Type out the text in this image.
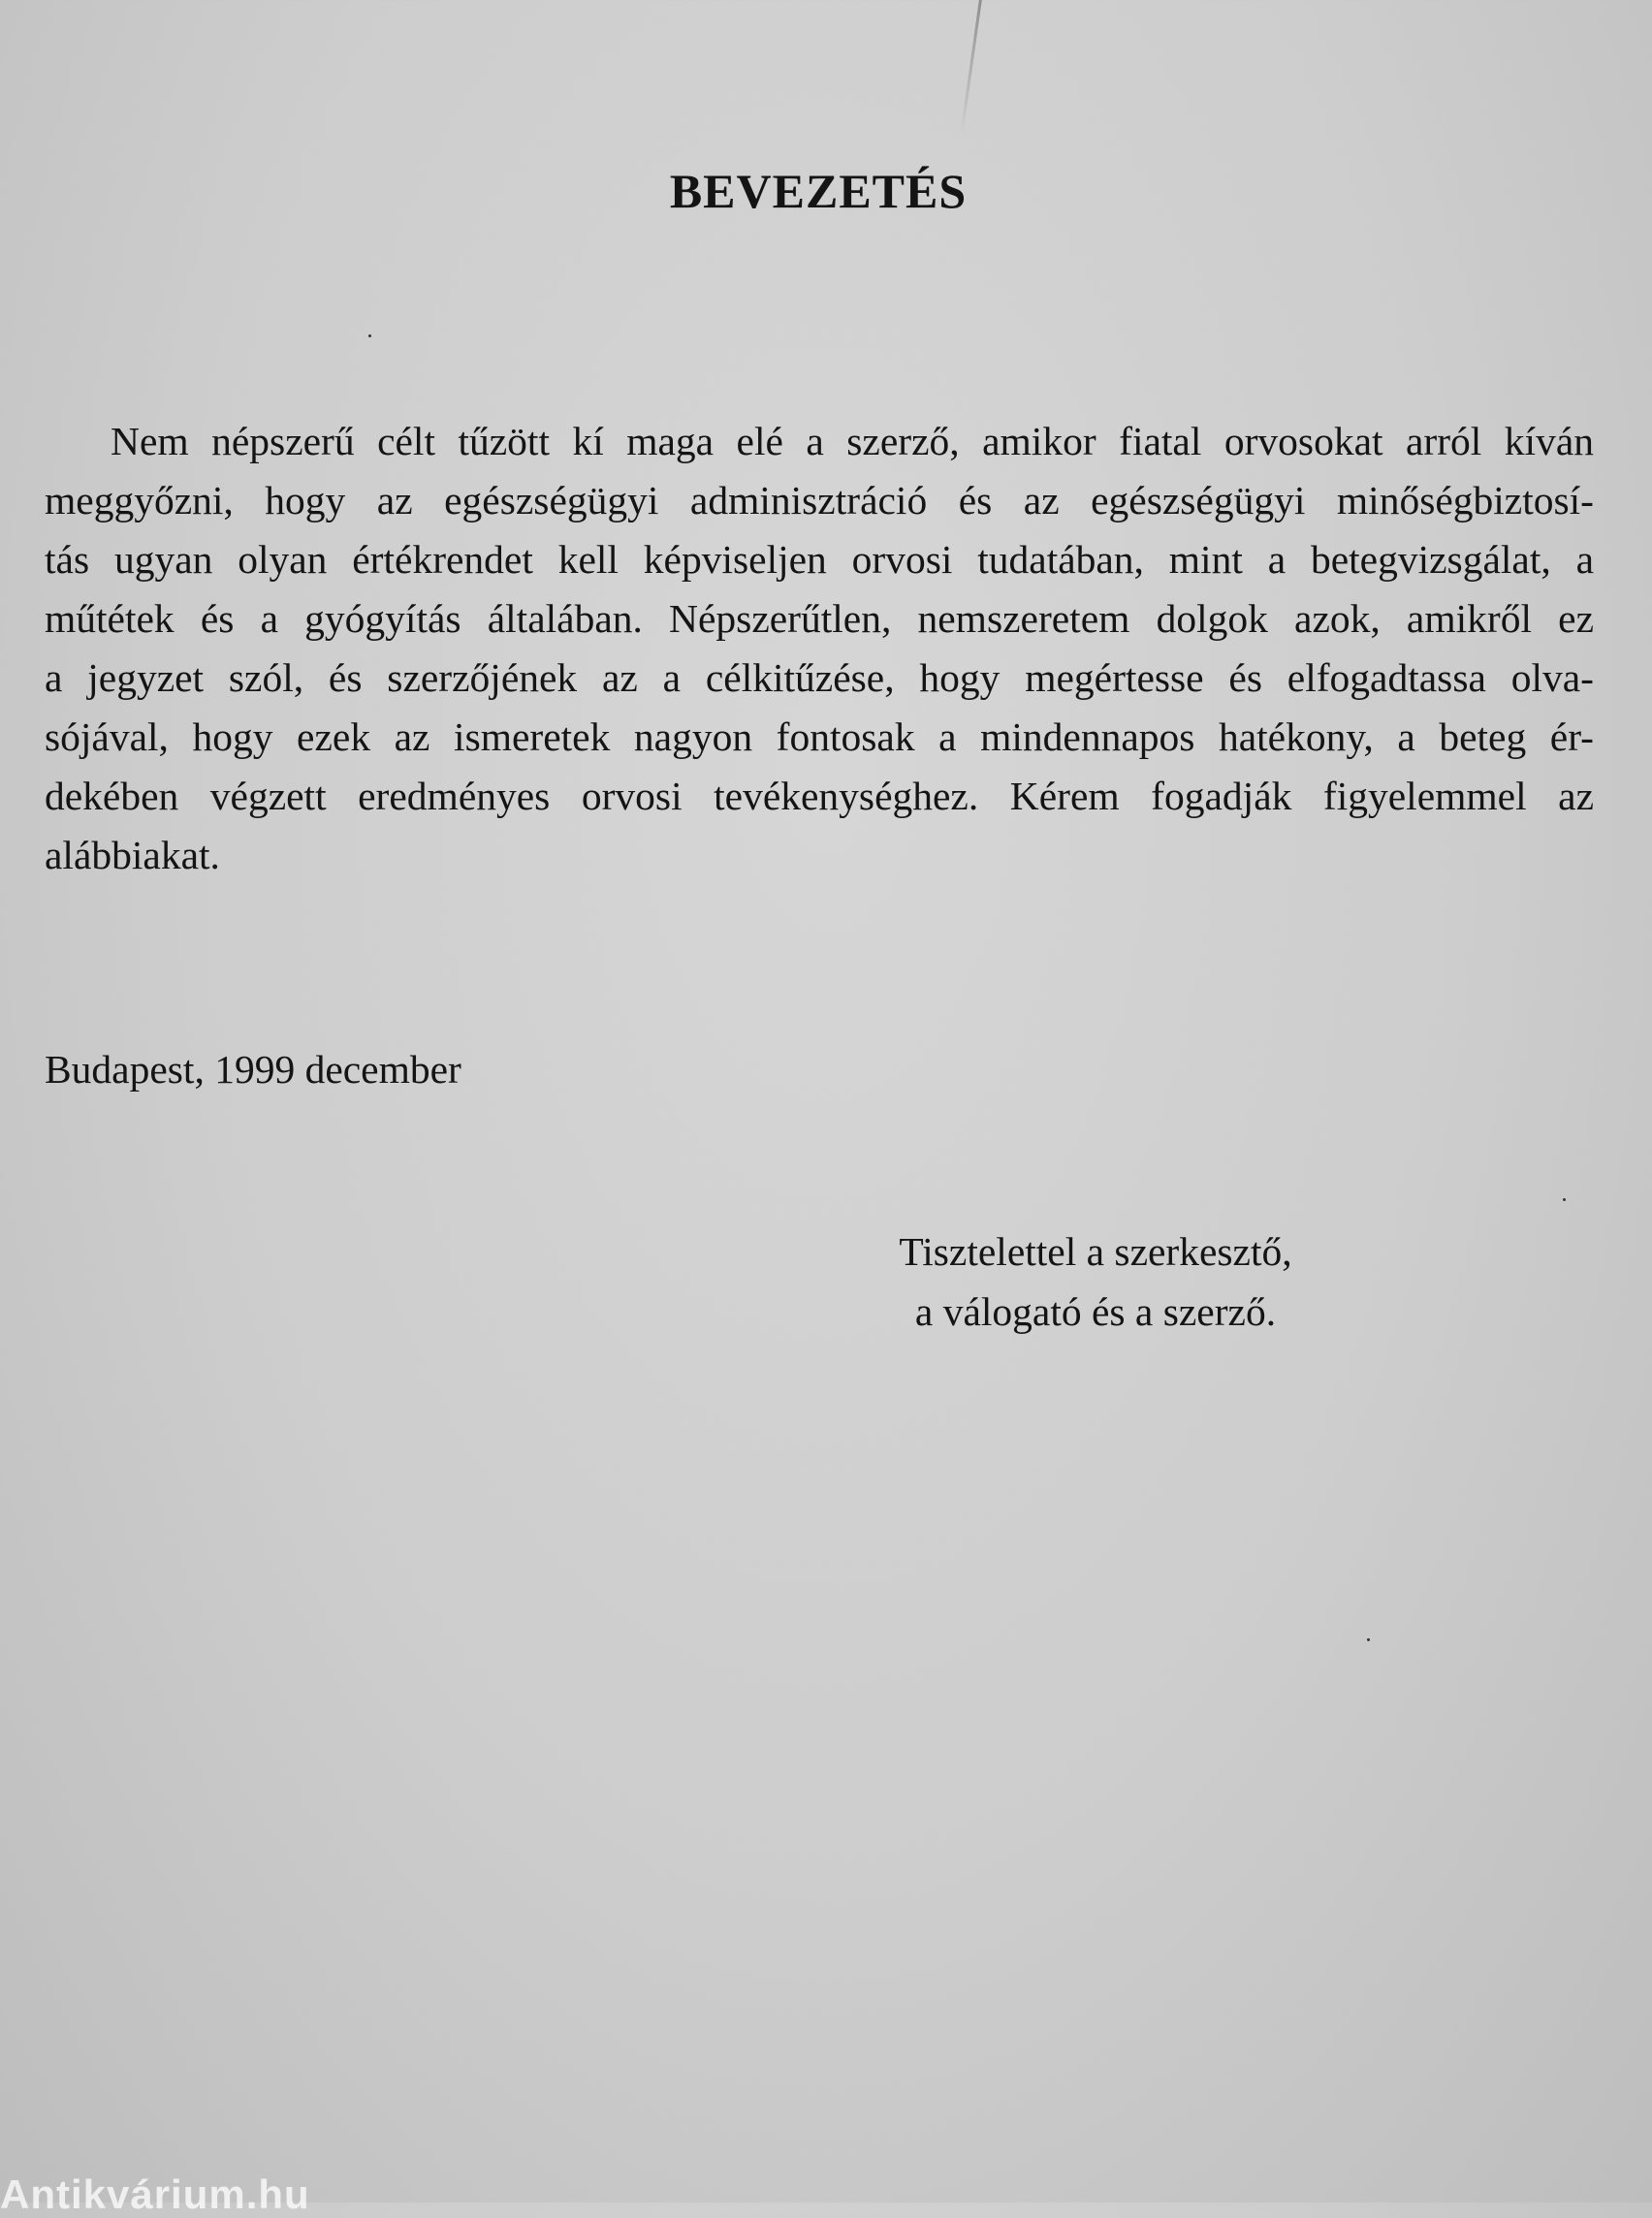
BEVEZETÉS
Nem népszerű célt tűzött kí maga elé a szerző, amikor fiatal orvosokat arról kíván
meggyőzni, hogy az egészségügyi adminisztráció és az egészségügyi minőségbiztosí-
tás ugyan olyan értékrendet kell képviseljen orvosi tudatában, mint a betegvizsgálat, a
műtétek és a gyógyítás általában. Népszerűtlen, nemszeretem dolgok azok, amikről ez
a jegyzet szól, és szerzőjének az a célkitűzése, hogy megértesse és elfogadtassa olva-
sójával, hogy ezek az ismeretek nagyon fontosak a mindennapos hatékony, a beteg ér-
dekében végzett eredményes orvosi tevékenységhez. Kérem fogadják figyelemmel az
alábbiakat.
Budapest, 1999 december
Tisztelettel a szerkesztő,
a válogató és a szerző.
Antikvárium.hu
